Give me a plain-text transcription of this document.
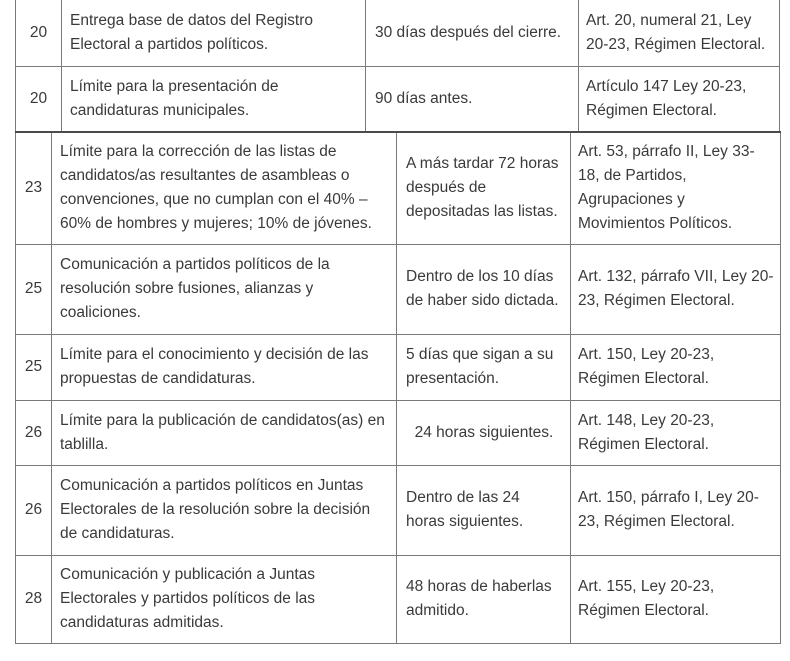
20	Entrega base de datos del Registro Electoral a partidos políticos.	30 días después del cierre.	Art. 20, numeral 21, Ley 20-23, Régimen Electoral.
20	Límite para la presentación de candidaturas municipales.	90 días antes.	Artículo 147 Ley 20-23, Régimen Electoral.
23	Límite para la corrección de las listas de candidatos/as resultantes de asambleas o convenciones, que no cumplan con el 40% – 60% de hombres y mujeres; 10% de jóvenes.	A más tardar 72 horas después de depositadas las listas.	Art. 53, párrafo II, Ley 33-18, de Partidos, Agrupaciones y Movimientos Políticos.
25	Comunicación a partidos políticos de la resolución sobre fusiones, alianzas y coaliciones.	Dentro de los 10 días de haber sido dictada.	Art. 132, párrafo VII, Ley 20-23, Régimen Electoral.
25	Límite para el conocimiento y decisión de las propuestas de candidaturas.	5 días que sigan a su presentación.	Art. 150, Ley 20-23, Régimen Electoral.
26	Límite para la publicación de candidatos(as) en tablilla.	24 horas siguientes.	Art. 148, Ley 20-23, Régimen Electoral.
26	Comunicación a partidos políticos en Juntas Electorales de la resolución sobre la decisión de candidaturas.	Dentro de las 24 horas siguientes.	Art. 150, párrafo I, Ley 20-23, Régimen Electoral.
28	Comunicación y publicación a Juntas Electorales y partidos políticos de las candidaturas admitidas.	48 horas de haberlas admitido.	Art. 155, Ley 20-23, Régimen Electoral.
